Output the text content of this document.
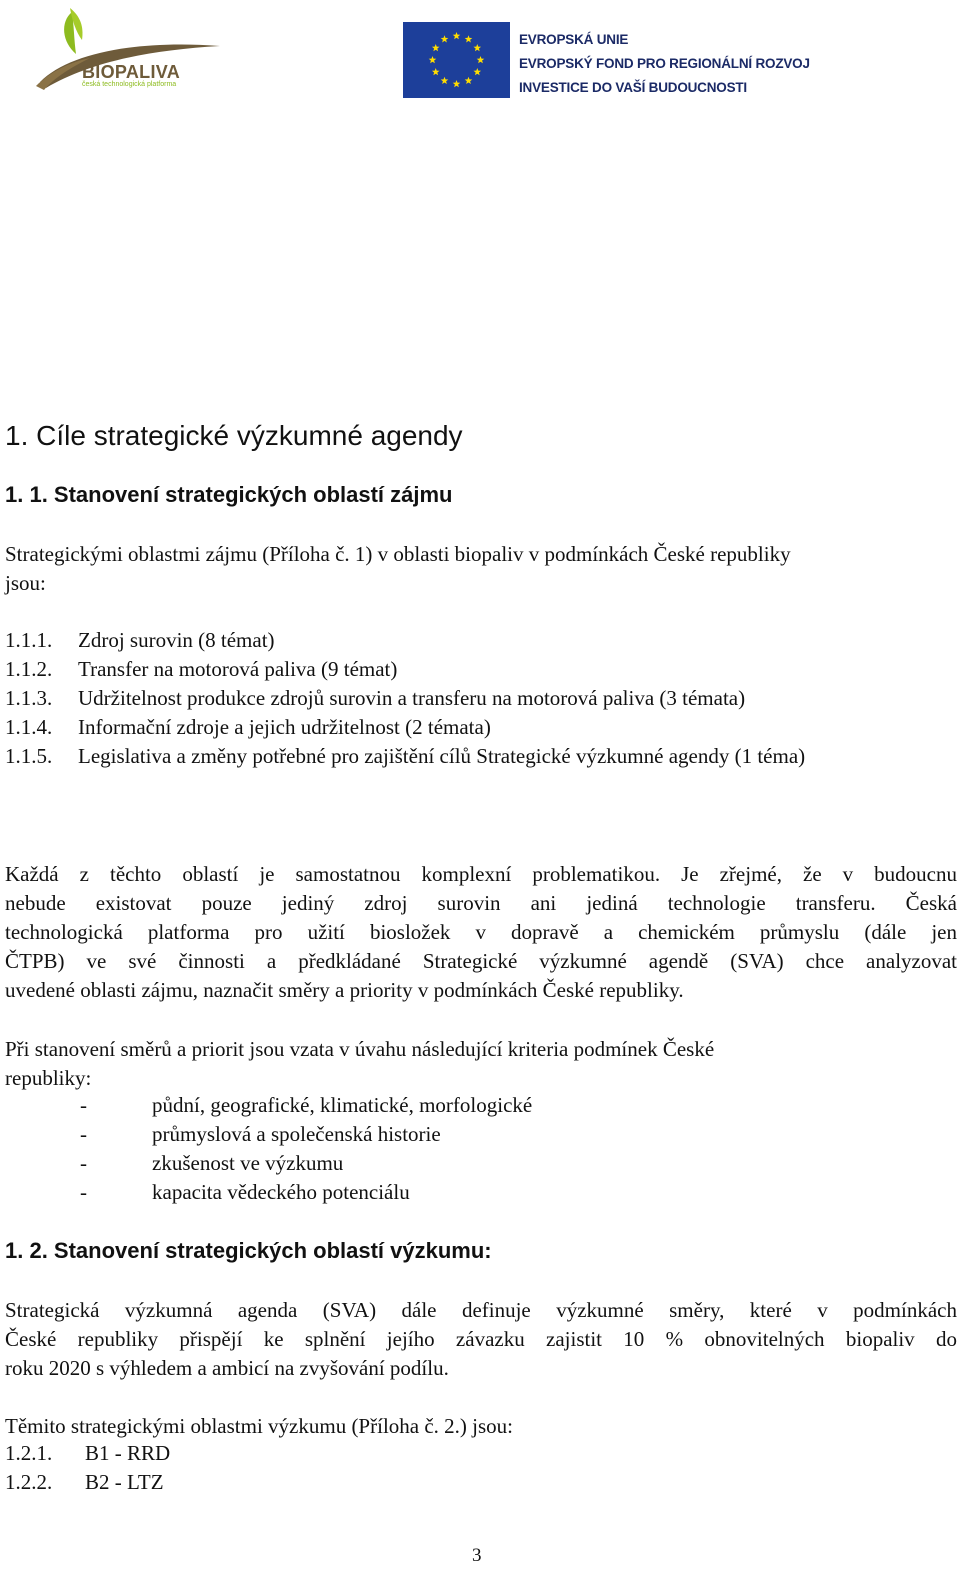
BIOPALIVA
česká technologická platforma
EVROPSKÁ UNIE
EVROPSKÝ FOND PRO REGIONÁLNÍ ROZVOJ
INVESTICE DO VAŠÍ BUDOUCNOSTI
1. Cíle strategické výzkumné agendy
1. 1. Stanovení strategických oblastí zájmu
Strategickými oblastmi zájmu (Příloha č. 1) v oblasti biopaliv v podmínkách České republiky
jsou:
1.1.1. Zdroj surovin (8 témat)
1.1.2. Transfer na motorová paliva (9 témat)
1.1.3. Udržitelnost produkce zdrojů surovin a transferu na motorová paliva (3 témata)
1.1.4. Informační zdroje a jejich udržitelnost (2 témata)
1.1.5. Legislativa a změny potřebné pro zajištění cílů Strategické výzkumné agendy (1 téma)
Každá z těchto oblastí je samostatnou komplexní problematikou. Je zřejmé, že v budoucnu
nebude existovat pouze jediný zdroj surovin ani jediná technologie transferu. Česká
technologická platforma pro užití biosložek v dopravě a chemickém průmyslu (dále jen
ČTPB) ve své činnosti a předkládané Strategické výzkumné agendě (SVA) chce analyzovat
uvedené oblasti zájmu, naznačit směry a priority v podmínkách České republiky.
Při stanovení směrů a priorit jsou vzata v úvahu následující kriteria podmínek České
republiky:
-	půdní, geografické, klimatické, morfologické
-	průmyslová a společenská historie
-	zkušenost ve výzkumu
-	kapacita vědeckého potenciálu
1. 2. Stanovení strategických oblastí výzkumu:
Strategická výzkumná agenda (SVA) dále definuje výzkumné směry, které v podmínkách
České republiky přispějí ke splnění jejího závazku zajistit 10 % obnovitelných biopaliv do
roku 2020 s výhledem a ambicí na zvyšování podílu.
Těmito strategickými oblastmi výzkumu (Příloha č. 2.) jsou:
1.2.1. B1 - RRD
1.2.2. B2 - LTZ
3
